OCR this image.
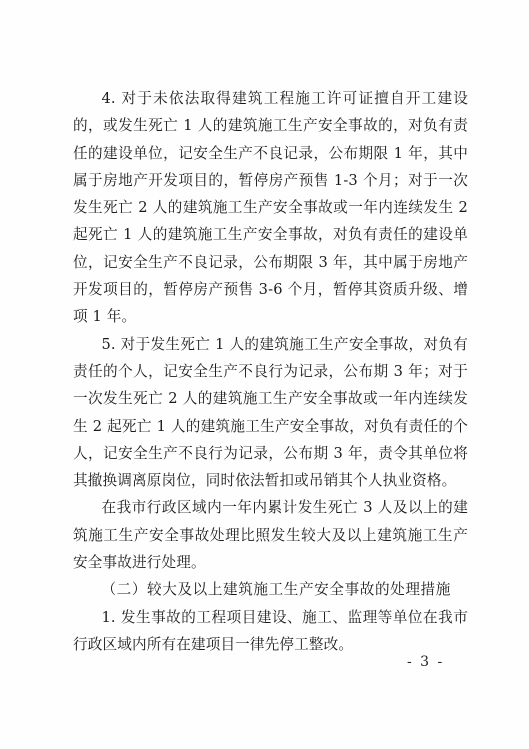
4. 对于未依法取得建筑工程施工许可证擅自开工建设的，或发生死亡 1 人的建筑施工生产安全事故的，对负有责任的建设单位，记安全生产不良记录，公布期限 1 年，其中属于房地产开发项目的，暂停房产预售 1-3 个月；对于一次发生死亡 2 人的建筑施工生产安全事故或一年内连续发生 2 起死亡 1 人的建筑施工生产安全事故，对负有责任的建设单位，记安全生产不良记录，公布期限 3 年，其中属于房地产开发项目的，暂停房产预售 3-6 个月，暂停其资质升级、增项 1 年。

5. 对于发生死亡 1 人的建筑施工生产安全事故，对负有责任的个人，记安全生产不良行为记录，公布期 3 年；对于一次发生死亡 2 人的建筑施工生产安全事故或一年内连续发生 2 起死亡 1 人的建筑施工生产安全事故，对负有责任的个人，记安全生产不良行为记录，公布期 3 年，责令其单位将其撤换调离原岗位，同时依法暂扣或吊销其个人执业资格。

在我市行政区域内一年内累计发生死亡 3 人及以上的建筑施工生产安全事故处理比照发生较大及以上建筑施工生产安全事故进行处理。

（二）较大及以上建筑施工生产安全事故的处理措施

1. 发生事故的工程项目建设、施工、监理等单位在我市行政区域内所有在建项目一律先停工整改。

- 3 -
